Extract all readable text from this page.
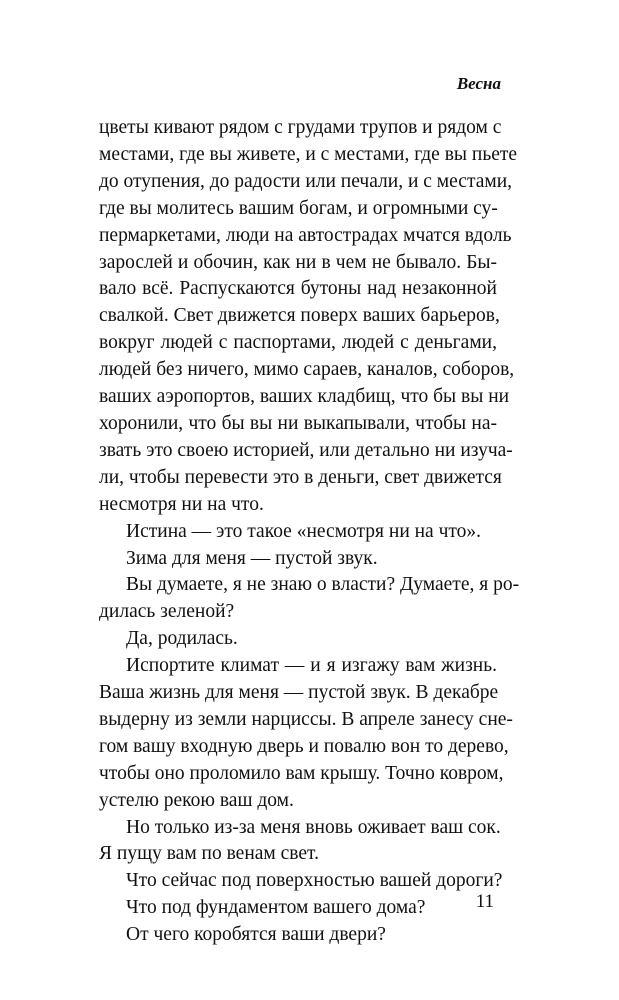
Весна
цветы кивают рядом с грудами трупов и рядом с
местами, где вы живете, и с местами, где вы пьете
до отупения, до радости или печали, и с местами,
где вы молитесь вашим богам, и огромными су-
пермаркетами, люди на автострадах мчатся вдоль
зарослей и обочин, как ни в чем не бывало. Бы-
вало всё. Распускаются бутоны над незаконной
свалкой. Свет движется поверх ваших барьеров,
вокруг людей с паспортами, людей с деньгами,
людей без ничего, мимо сараев, каналов, соборов,
ваших аэропортов, ваших кладбищ, что бы вы ни
хоронили, что бы вы ни выкапывали, чтобы на-
звать это своею историей, или детально ни изуча-
ли, чтобы перевести это в деньги, свет движется
несмотря ни на что.
Истина — это такое «несмотря ни на что».
Зима для меня — пустой звук.
Вы думаете, я не знаю о власти? Думаете, я ро-
дилась зеленой?
Да, родилась.
Испортите климат — и я изгажу вам жизнь.
Ваша жизнь для меня — пустой звук. В декабре
выдерну из земли нарциссы. В апреле занесу сне-
гом вашу входную дверь и повалю вон то дерево,
чтобы оно проломило вам крышу. Точно ковром,
устелю рекою ваш дом.
Но только из-за меня вновь оживает ваш сок.
Я пущу вам по венам свет.
Что сейчас под поверхностью вашей дороги?
Что под фундаментом вашего дома?
От чего коробятся ваши двери?
11
